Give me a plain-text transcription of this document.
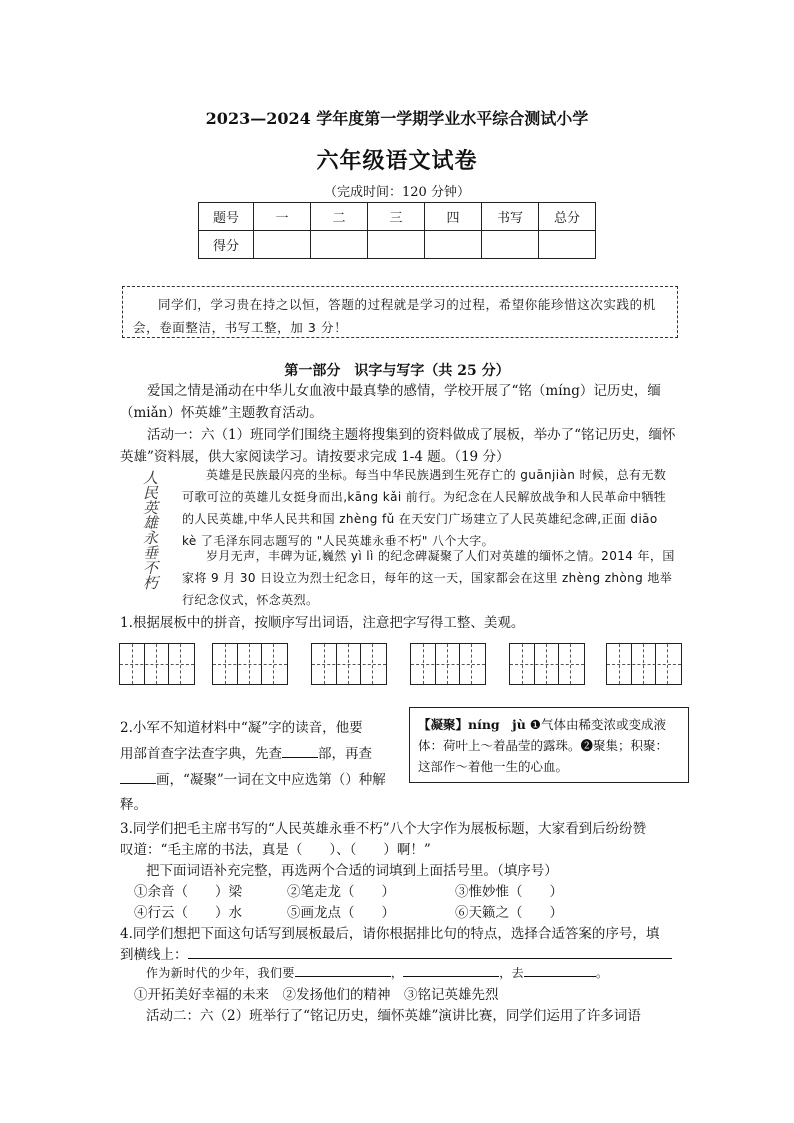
2023—2024 学年度第一学期学业水平综合测试小学
六年级语文试卷
（完成时间：120 分钟）
题号	一	二	三	四	书写	总分
得分						

同学们，学习贵在持之以恒，答题的过程就是学习的过程，希望你能珍惜这次实践的机会，卷面整洁，书写工整，加 3 分！

第一部分　识字与写字（共 25 分）
爱国之情是涌动在中华儿女血液中最真挚的感情，学校开展了“铭（míng）记历史，缅（miǎn）怀英雄”主题教育活动。
活动一：六（1）班同学们围绕主题将搜集到的资料做成了展板，举办了“铭记历史，缅怀英雄”资料展，供大家阅读学习。请按要求完成 1-4 题。（19 分）
人民英雄永垂不朽	英雄是民族最闪亮的坐标。每当中华民族遇到生死存亡的 guānjiàn 时候，总有无数可歌可泣的英雄儿女挺身而出,kāng kǎi 前行。为纪念在人民解放战争和人民革命中牺牲的人民英雄,中华人民共和国 zhèng fǔ 在天安门广场建立了人民英雄纪念碑,正面 diāo kè 了毛泽东同志题写的 "人民英雄永垂不朽" 八个大字。
岁月无声，丰碑为证,巍然 yì lì 的纪念碑凝聚了人们对英雄的缅怀之情。2014 年，国家将 9 月 30 日设立为烈士纪念日，每年的这一天，国家都会在这里 zhèng zhòng 地举行纪念仪式，怀念英烈。
1.根据展板中的拼音，按顺序写出词语，注意把字写得工整、美观。
2.小军不知道材料中“凝”字的读音，他要
用部首查字法查字典，先查	部，再查
画，“凝聚”一词在文中应选第（）种解
释。

【凝聚】níng　jù ❶气体由稀变浓或变成液体：荷叶上～着晶莹的露珠。❷聚集；积聚：这部作～着他一生的心血。

3.同学们把毛主席书写的“人民英雄永垂不朽”八个大字作为展板标题，大家看到后纷纷赞
叹道：“毛主席的书法，真是（　　）、（　　）啊！”
把下面词语补充完整，再选两个合适的词填到上面括号里。（填序号）
①余音（　　）梁	②笔走龙（　　）	③惟妙惟（　　）
④行云（　　）水	⑤画龙点（　　）	⑥天籁之（　　）
4.同学们想把下面这句话写到展板最后，请你根据排比句的特点，选择合适答案的序号，填
到横线上：
作为新时代的少年，我们要	，	，去	。
①开拓美好幸福的未来　②发扬他们的精神　③铭记英雄先烈
活动二：六（2）班举行了“铭记历史，缅怀英雄”演讲比赛，同学们运用了许多词语
